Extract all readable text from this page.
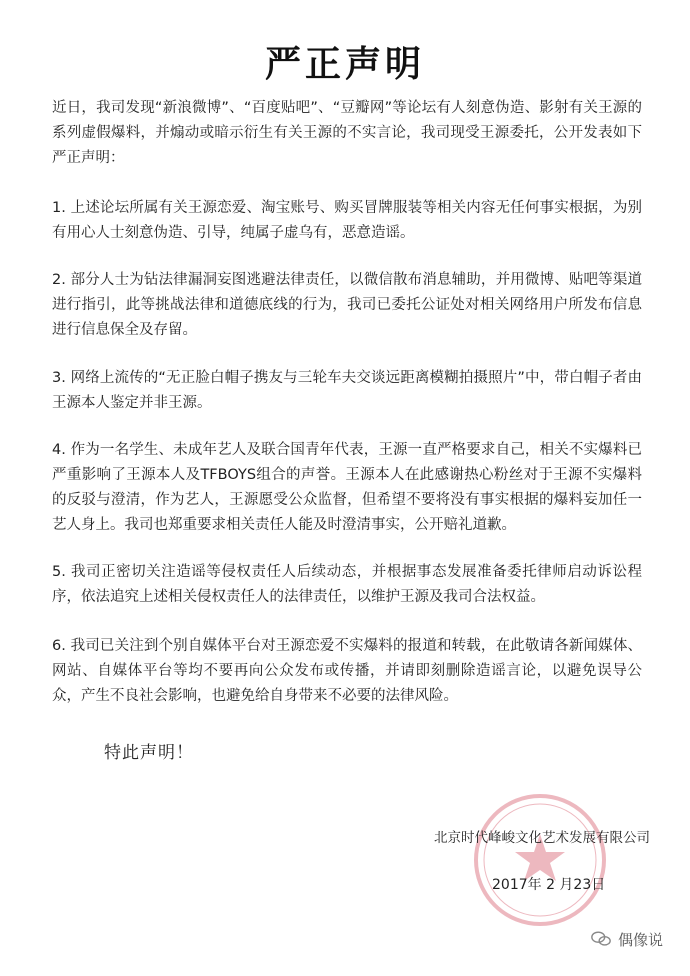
严正声明

近日，我司发现“新浪微博”、“百度贴吧”、“豆瓣网”等论坛有人刻意伪造、影射有关王源的系列虚假爆料，并煽动或暗示衍生有关王源的不实言论，我司现受王源委托，公开发表如下严正声明：

1. 上述论坛所属有关王源恋爱、淘宝账号、购买冒牌服装等相关内容无任何事实根据，为别有用心人士刻意伪造、引导，纯属子虚乌有，恶意造谣。

2. 部分人士为钻法律漏洞妄图逃避法律责任，以微信散布消息辅助，并用微博、贴吧等渠道进行指引，此等挑战法律和道德底线的行为，我司已委托公证处对相关网络用户所发布信息进行信息保全及存留。

3. 网络上流传的“无正脸白帽子携友与三轮车夫交谈远距离模糊拍摄照片”中，带白帽子者由王源本人鉴定并非王源。

4. 作为一名学生、未成年艺人及联合国青年代表，王源一直严格要求自己，相关不实爆料已严重影响了王源本人及TFBOYS组合的声誉。王源本人在此感谢热心粉丝对于王源不实爆料的反驳与澄清，作为艺人，王源愿受公众监督，但希望不要将没有事实根据的爆料妄加任一艺人身上。我司也郑重要求相关责任人能及时澄清事实，公开赔礼道歉。

5. 我司正密切关注造谣等侵权责任人后续动态，并根据事态发展准备委托律师启动诉讼程序，依法追究上述相关侵权责任人的法律责任，以维护王源及我司合法权益。

6. 我司已关注到个别自媒体平台对王源恋爱不实爆料的报道和转载，在此敬请各新闻媒体、网站、自媒体平台等均不要再向公众发布或传播，并请即刻删除造谣言论，以避免误导公众，产生不良社会影响，也避免给自身带来不必要的法律风险。

特此声明！
北京时代峰峻文化艺术发展有限公司
2017年 2 月23日
偶像说
